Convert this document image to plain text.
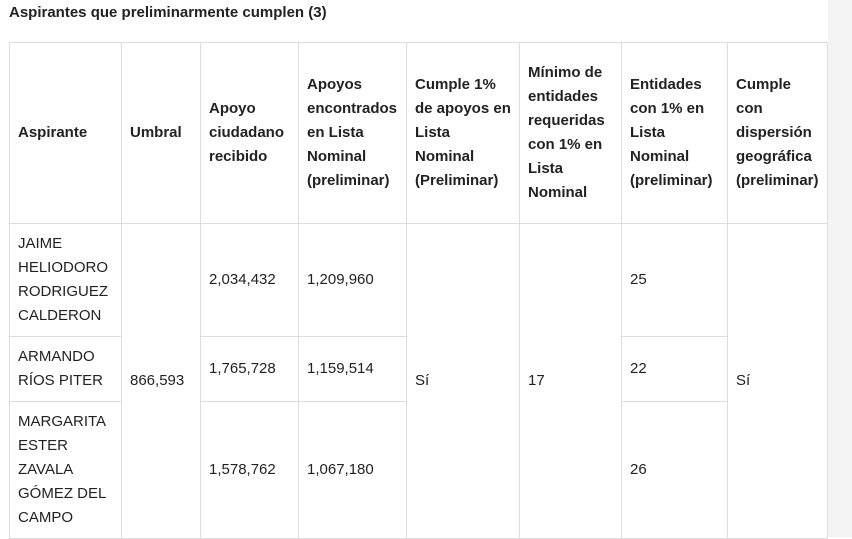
Aspirantes que preliminarmente cumplen (3)
Aspirante	Umbral	Apoyo ciudadano recibido	Apoyos encontrados en Lista Nominal (preliminar)	Cumple 1% de apoyos en Lista Nominal (Preliminar)	Mínimo de entidades requeridas con 1% en Lista Nominal	Entidades con 1% en Lista Nominal (preliminar)	Cumple con dispersión geográfica (preliminar)
JAIME HELIODORO RODRIGUEZ CALDERON	866,593	2,034,432	1,209,960	Sí	17	25	Sí
ARMANDO RÍOS PITER		1,765,728	1,159,514			22	
MARGARITA ESTER ZAVALA GÓMEZ DEL CAMPO		1,578,762	1,067,180			26	
